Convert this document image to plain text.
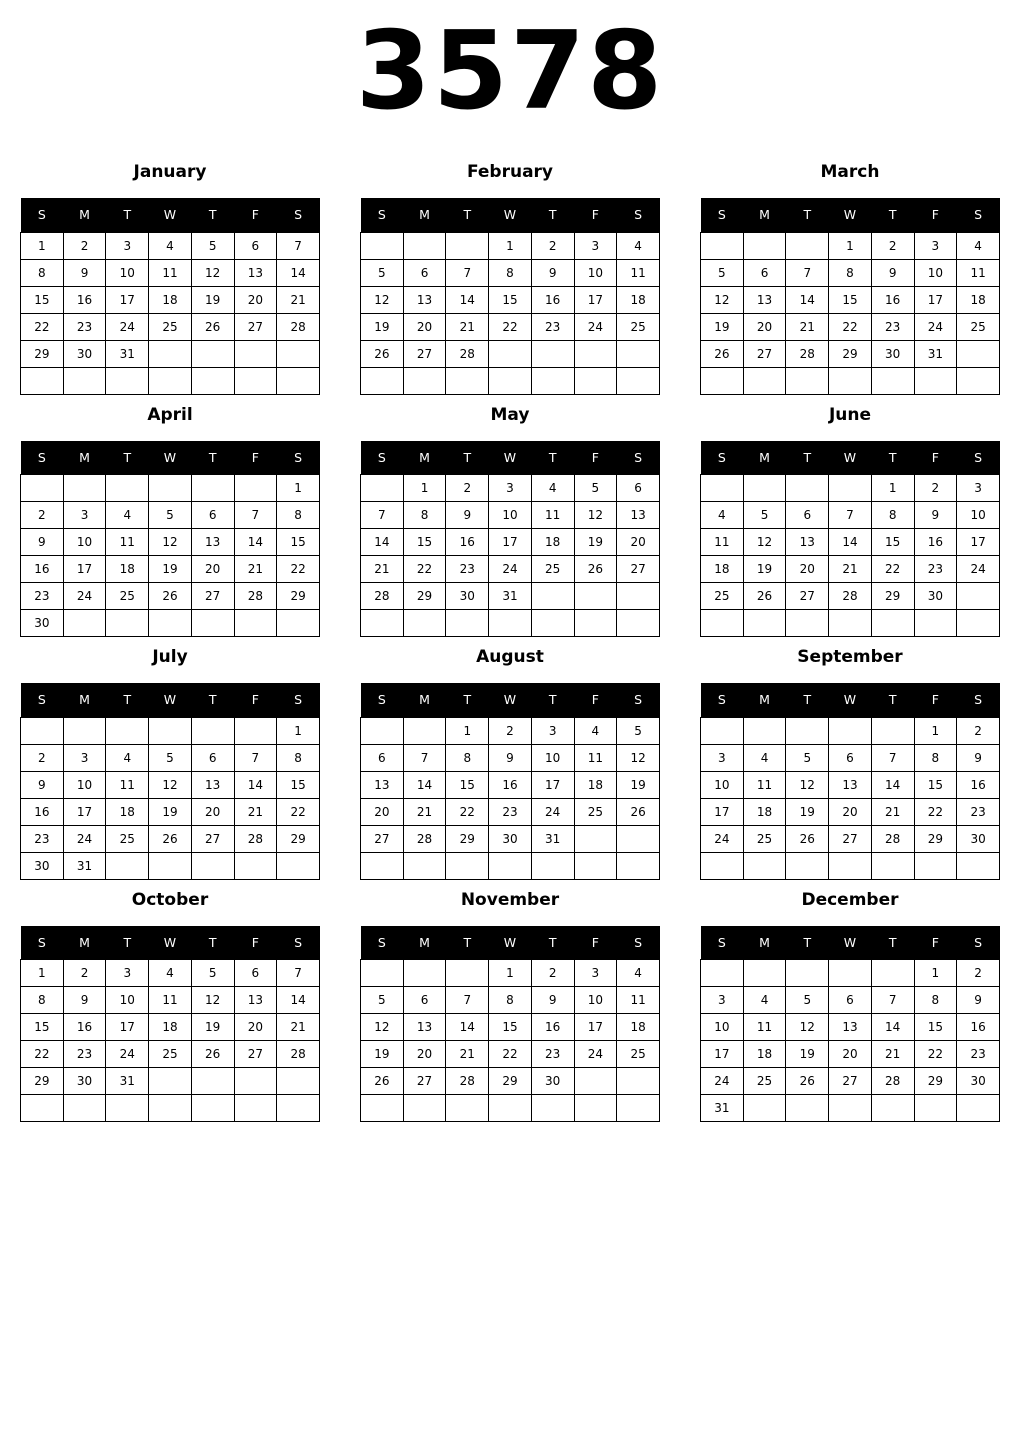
3578
January
S	M	T	W	T	F	S
1	2	3	4	5	6	7
8	9	10	11	12	13	14
15	16	17	18	19	20	21
22	23	24	25	26	27	28
29	30	31				

February
S	M	T	W	T	F	S
			1	2	3	4
5	6	7	8	9	10	11
12	13	14	15	16	17	18
19	20	21	22	23	24	25
26	27	28				

March
S	M	T	W	T	F	S
			1	2	3	4
5	6	7	8	9	10	11
12	13	14	15	16	17	18
19	20	21	22	23	24	25
26	27	28	29	30	31	

April
S	M	T	W	T	F	S
						1
2	3	4	5	6	7	8
9	10	11	12	13	14	15
16	17	18	19	20	21	22
23	24	25	26	27	28	29
30						
May
S	M	T	W	T	F	S
	1	2	3	4	5	6
7	8	9	10	11	12	13
14	15	16	17	18	19	20
21	22	23	24	25	26	27
28	29	30	31			

June
S	M	T	W	T	F	S
				1	2	3
4	5	6	7	8	9	10
11	12	13	14	15	16	17
18	19	20	21	22	23	24
25	26	27	28	29	30	

July
S	M	T	W	T	F	S
						1
2	3	4	5	6	7	8
9	10	11	12	13	14	15
16	17	18	19	20	21	22
23	24	25	26	27	28	29
30	31					
August
S	M	T	W	T	F	S
		1	2	3	4	5
6	7	8	9	10	11	12
13	14	15	16	17	18	19
20	21	22	23	24	25	26
27	28	29	30	31		

September
S	M	T	W	T	F	S
					1	2
3	4	5	6	7	8	9
10	11	12	13	14	15	16
17	18	19	20	21	22	23
24	25	26	27	28	29	30

October
S	M	T	W	T	F	S
1	2	3	4	5	6	7
8	9	10	11	12	13	14
15	16	17	18	19	20	21
22	23	24	25	26	27	28
29	30	31				

November
S	M	T	W	T	F	S
			1	2	3	4
5	6	7	8	9	10	11
12	13	14	15	16	17	18
19	20	21	22	23	24	25
26	27	28	29	30		

December
S	M	T	W	T	F	S
					1	2
3	4	5	6	7	8	9
10	11	12	13	14	15	16
17	18	19	20	21	22	23
24	25	26	27	28	29	30
31						
